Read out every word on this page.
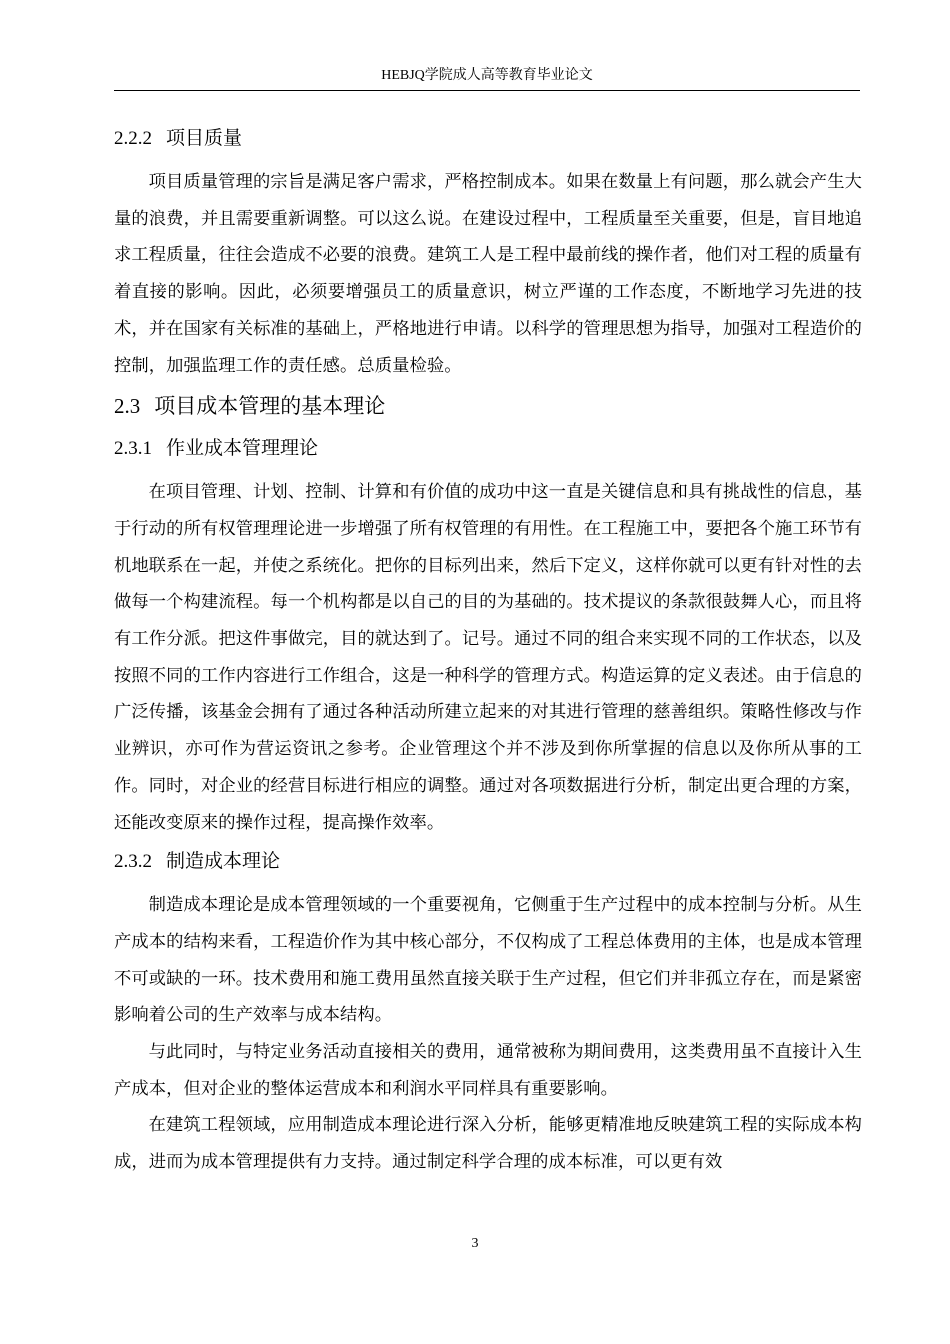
HEBJQ学院成人高等教育毕业论文
2.2.2 项目质量

项目质量管理的宗旨是满足客户需求，严格控制成本。如果在数量上有问题，那么就会产生大量的浪费，并且需要重新调整。可以这么说。在建设过程中，工程质量至关重要，但是，盲目地追求工程质量，往往会造成不必要的浪费。建筑工人是工程中最前线的操作者，他们对工程的质量有着直接的影响。因此，必须要增强员工的质量意识，树立严谨的工作态度，不断地学习先进的技术，并在国家有关标准的基础上，严格地进行申请。以科学的管理思想为指导，加强对工程造价的控制，加强监理工作的责任感。总质量检验。

2.3 项目成本管理的基本理论
2.3.1 作业成本管理理论

在项目管理、计划、控制、计算和有价值的成功中这一直是关键信息和具有挑战性的信息，基于行动的所有权管理理论进一步增强了所有权管理的有用性。在工程施工中，要把各个施工环节有机地联系在一起，并使之系统化。把你的目标列出来，然后下定义，这样你就可以更有针对性的去做每一个构建流程。每一个机构都是以自己的目的为基础的。技术提议的条款很鼓舞人心，而且将有工作分派。把这件事做完，目的就达到了。记号。通过不同的组合来实现不同的工作状态，以及按照不同的工作内容进行工作组合，这是一种科学的管理方式。构造运算的定义表述。由于信息的广泛传播，该基金会拥有了通过各种活动所建立起来的对其进行管理的慈善组织。策略性修改与作业辨识，亦可作为营运资讯之参考。企业管理这个并不涉及到你所掌握的信息以及你所从事的工作。同时，对企业的经营目标进行相应的调整。通过对各项数据进行分析，制定出更合理的方案，还能改变原来的操作过程，提高操作效率。

2.3.2 制造成本理论

制造成本理论是成本管理领域的一个重要视角，它侧重于生产过程中的成本控制与分析。从生产成本的结构来看，工程造价作为其中核心部分，不仅构成了工程总体费用的主体，也是成本管理不可或缺的一环。技术费用和施工费用虽然直接关联于生产过程，但它们并非孤立存在，而是紧密影响着公司的生产效率与成本结构。

与此同时，与特定业务活动直接相关的费用，通常被称为期间费用，这类费用虽不直接计入生产成本，但对企业的整体运营成本和利润水平同样具有重要影响。

在建筑工程领域，应用制造成本理论进行深入分析，能够更精准地反映建筑工程的实际成本构成，进而为成本管理提供有力支持。通过制定科学合理的成本标准，可以更有效

3
